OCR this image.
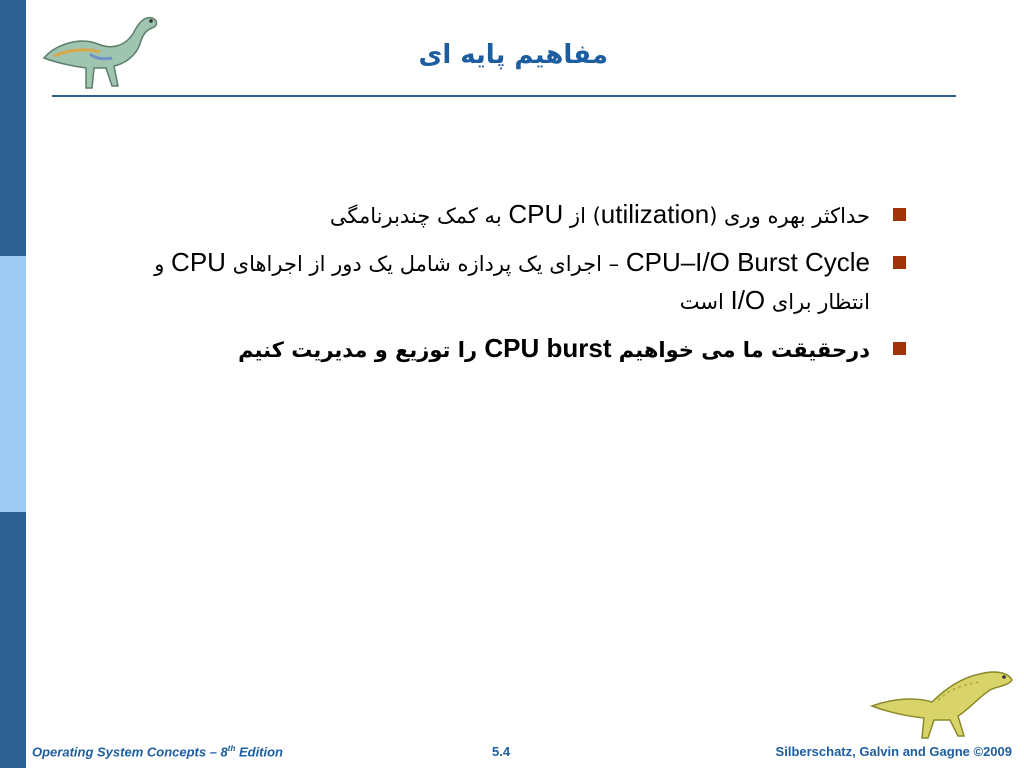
مفاهیم پایه ای
حداکثر بهره وری (utilization) از CPU به کمک چندبرنامگی
CPU–I/O Burst Cycle – اجرای یک پردازه شامل یک دور از اجراهای CPU و انتظار برای I/O است
درحقیقت ما می خواهیم CPU burst را توزیع و مدیریت کنیم
Operating System Concepts – 8th Edition	5.4	Silberschatz, Galvin and Gagne ©2009
